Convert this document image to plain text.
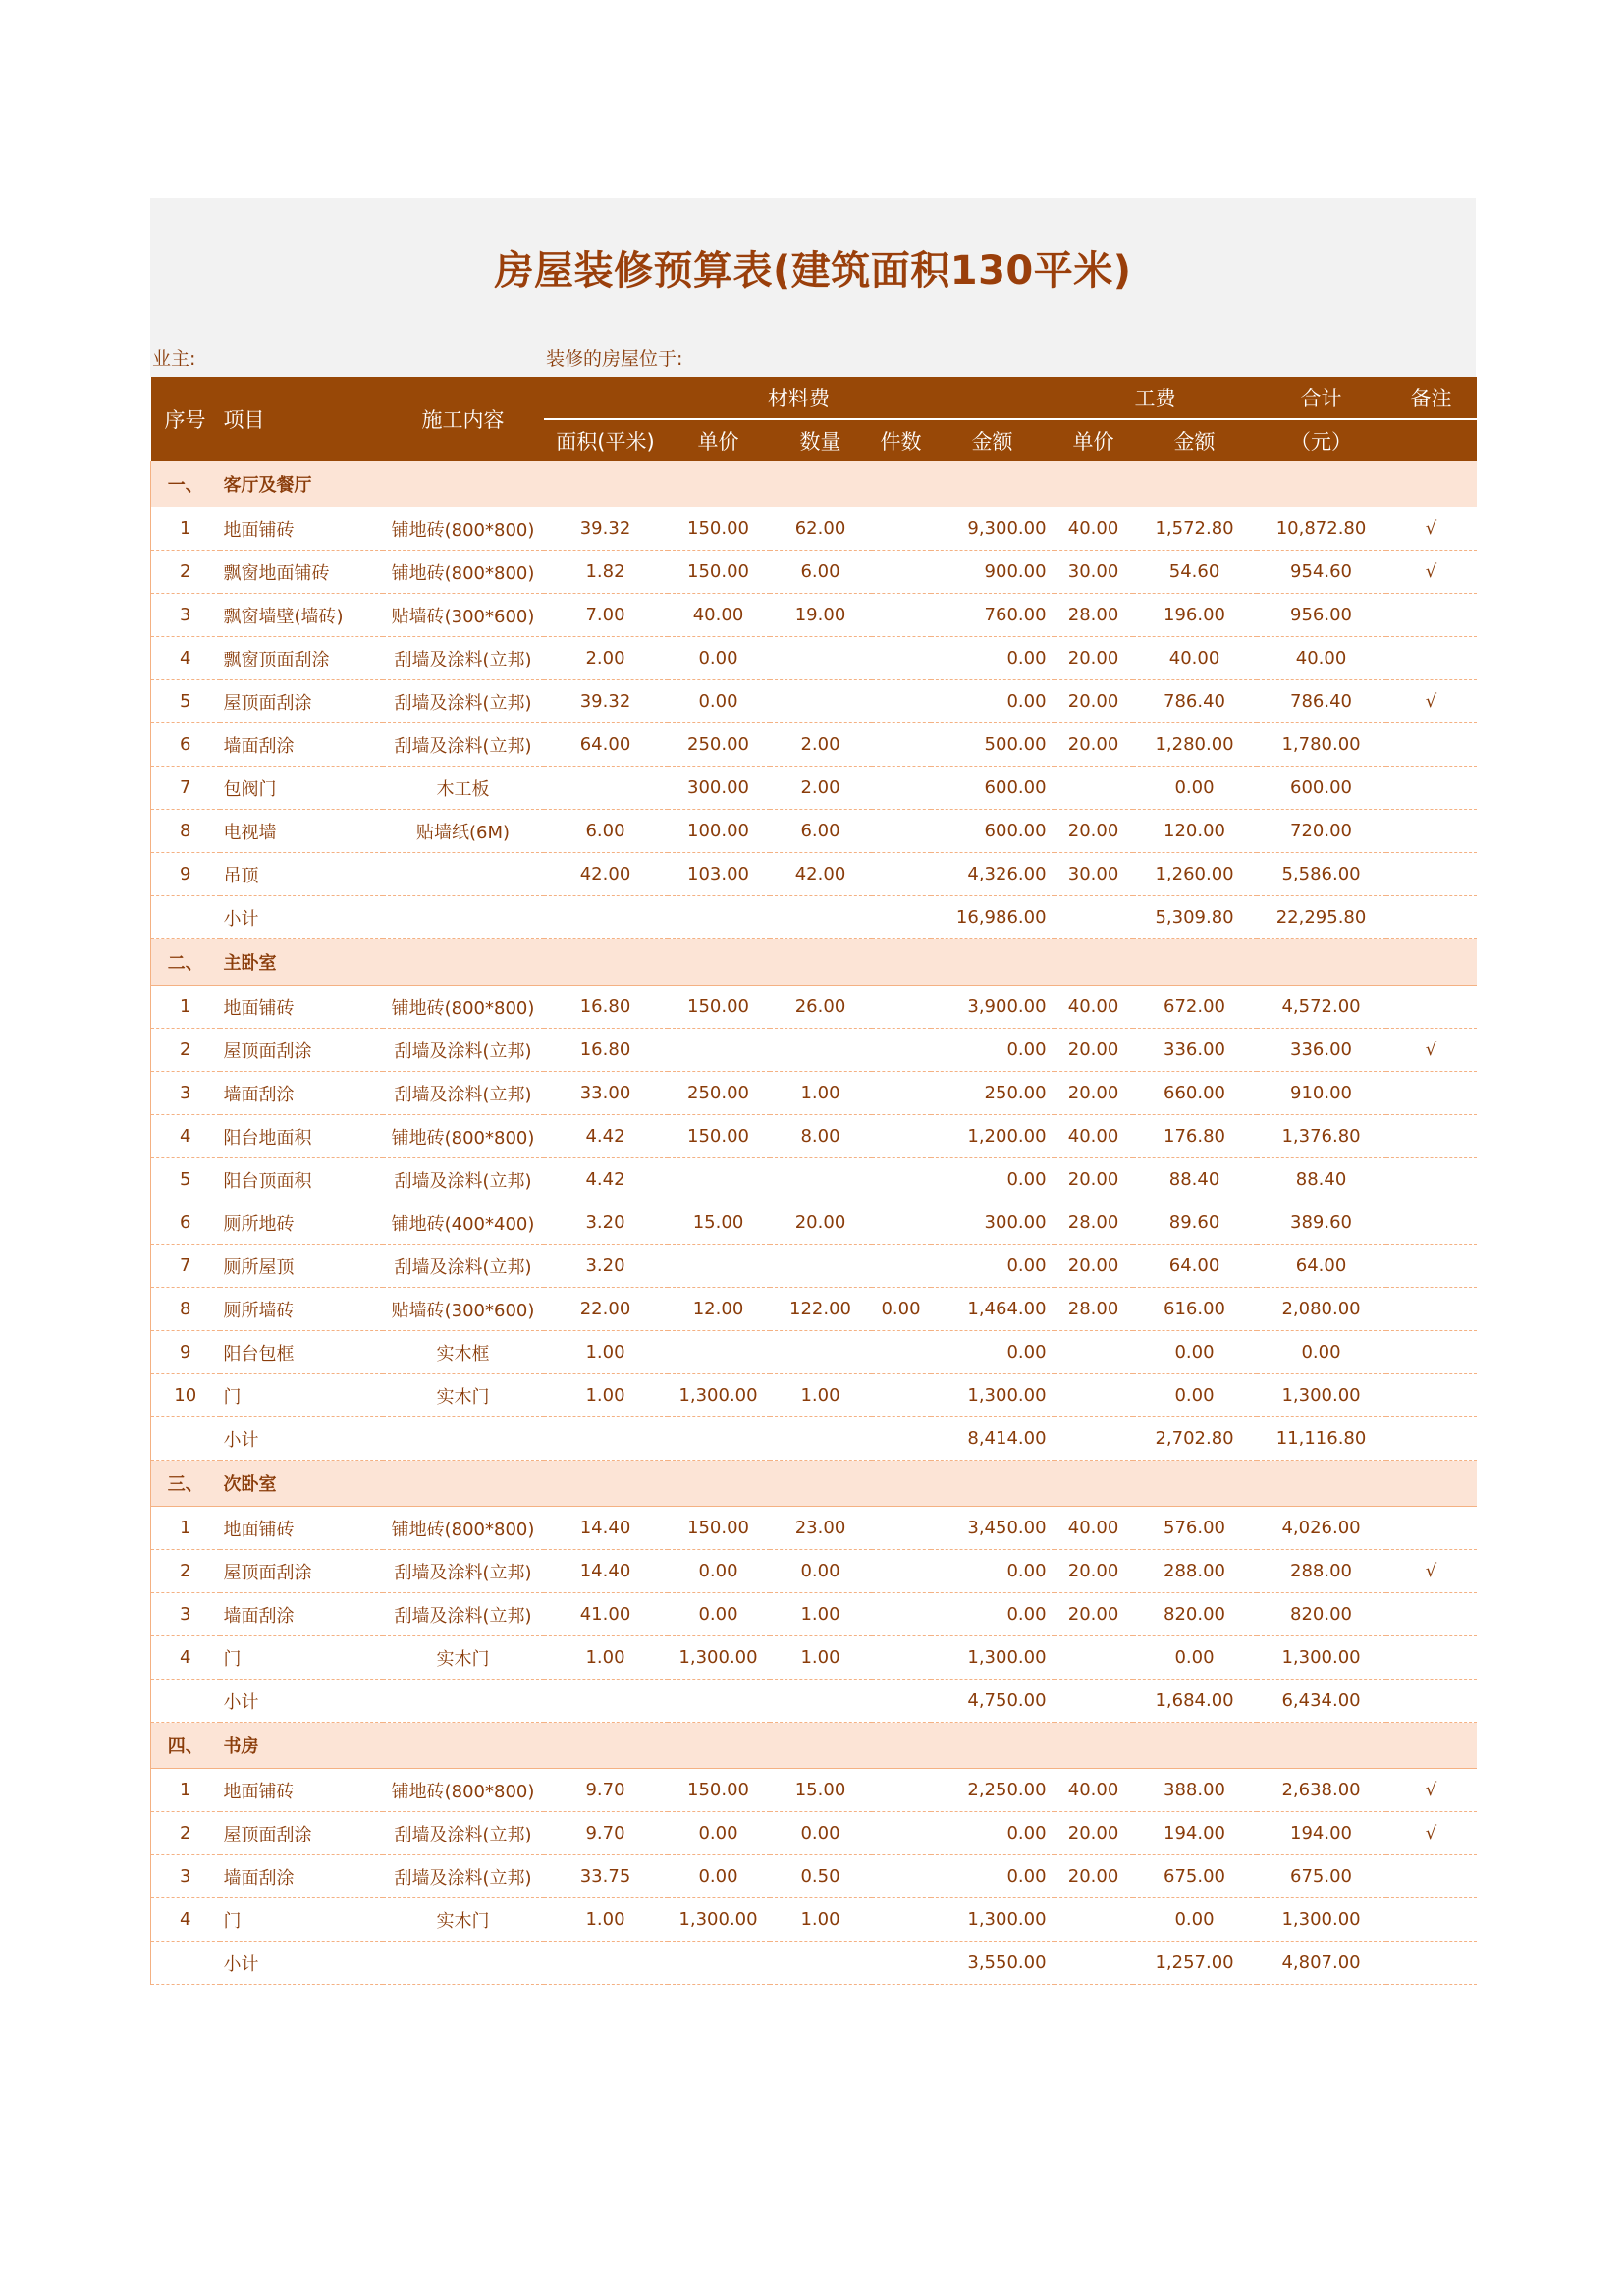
房屋装修预算表(建筑面积130平米)
业主:	装修的房屋位于:
序号	项目	施工内容	材料费					工费		合计	备注
			面积(平米)	单价	数量	件数	金额	单价	金额	（元）	
一、	客厅及餐厅										
1	地面铺砖	铺地砖(800*800)	39.32	150.00	62.00		9,300.00	40.00	1,572.80	10,872.80	√
2	飘窗地面铺砖	铺地砖(800*800)	1.82	150.00	6.00		900.00	30.00	54.60	954.60	√
3	飘窗墙壁(墙砖)	贴墙砖(300*600)	7.00	40.00	19.00		760.00	28.00	196.00	956.00	
4	飘窗顶面刮涂	刮墙及涂料(立邦)	2.00	0.00			0.00	20.00	40.00	40.00	
5	屋顶面刮涂	刮墙及涂料(立邦)	39.32	0.00			0.00	20.00	786.40	786.40	√
6	墙面刮涂	刮墙及涂料(立邦)	64.00	250.00	2.00		500.00	20.00	1,280.00	1,780.00	
7	包阀门	木工板		300.00	2.00		600.00		0.00	600.00	
8	电视墙	贴墙纸(6M)	6.00	100.00	6.00		600.00	20.00	120.00	720.00	
9	吊顶		42.00	103.00	42.00		4,326.00	30.00	1,260.00	5,586.00	
	小计						16,986.00		5,309.80	22,295.80	
二、	主卧室										
1	地面铺砖	铺地砖(800*800)	16.80	150.00	26.00		3,900.00	40.00	672.00	4,572.00	
2	屋顶面刮涂	刮墙及涂料(立邦)	16.80				0.00	20.00	336.00	336.00	√
3	墙面刮涂	刮墙及涂料(立邦)	33.00	250.00	1.00		250.00	20.00	660.00	910.00	
4	阳台地面积	铺地砖(800*800)	4.42	150.00	8.00		1,200.00	40.00	176.80	1,376.80	
5	阳台顶面积	刮墙及涂料(立邦)	4.42				0.00	20.00	88.40	88.40	
6	厕所地砖	铺地砖(400*400)	3.20	15.00	20.00		300.00	28.00	89.60	389.60	
7	厕所屋顶	刮墙及涂料(立邦)	3.20				0.00	20.00	64.00	64.00	
8	厕所墙砖	贴墙砖(300*600)	22.00	12.00	122.00	0.00	1,464.00	28.00	616.00	2,080.00	
9	阳台包框	实木框	1.00				0.00		0.00	0.00	
10	门	实木门	1.00	1,300.00	1.00		1,300.00		0.00	1,300.00	
	小计						8,414.00		2,702.80	11,116.80	
三、	次卧室										
1	地面铺砖	铺地砖(800*800)	14.40	150.00	23.00		3,450.00	40.00	576.00	4,026.00	
2	屋顶面刮涂	刮墙及涂料(立邦)	14.40	0.00	0.00		0.00	20.00	288.00	288.00	√
3	墙面刮涂	刮墙及涂料(立邦)	41.00	0.00	1.00		0.00	20.00	820.00	820.00	
4	门	实木门	1.00	1,300.00	1.00		1,300.00		0.00	1,300.00	
	小计						4,750.00		1,684.00	6,434.00	
四、	书房										
1	地面铺砖	铺地砖(800*800)	9.70	150.00	15.00		2,250.00	40.00	388.00	2,638.00	√
2	屋顶面刮涂	刮墙及涂料(立邦)	9.70	0.00	0.00		0.00	20.00	194.00	194.00	√
3	墙面刮涂	刮墙及涂料(立邦)	33.75	0.00	0.50		0.00	20.00	675.00	675.00	
4	门	实木门	1.00	1,300.00	1.00		1,300.00		0.00	1,300.00	
	小计						3,550.00		1,257.00	4,807.00	
